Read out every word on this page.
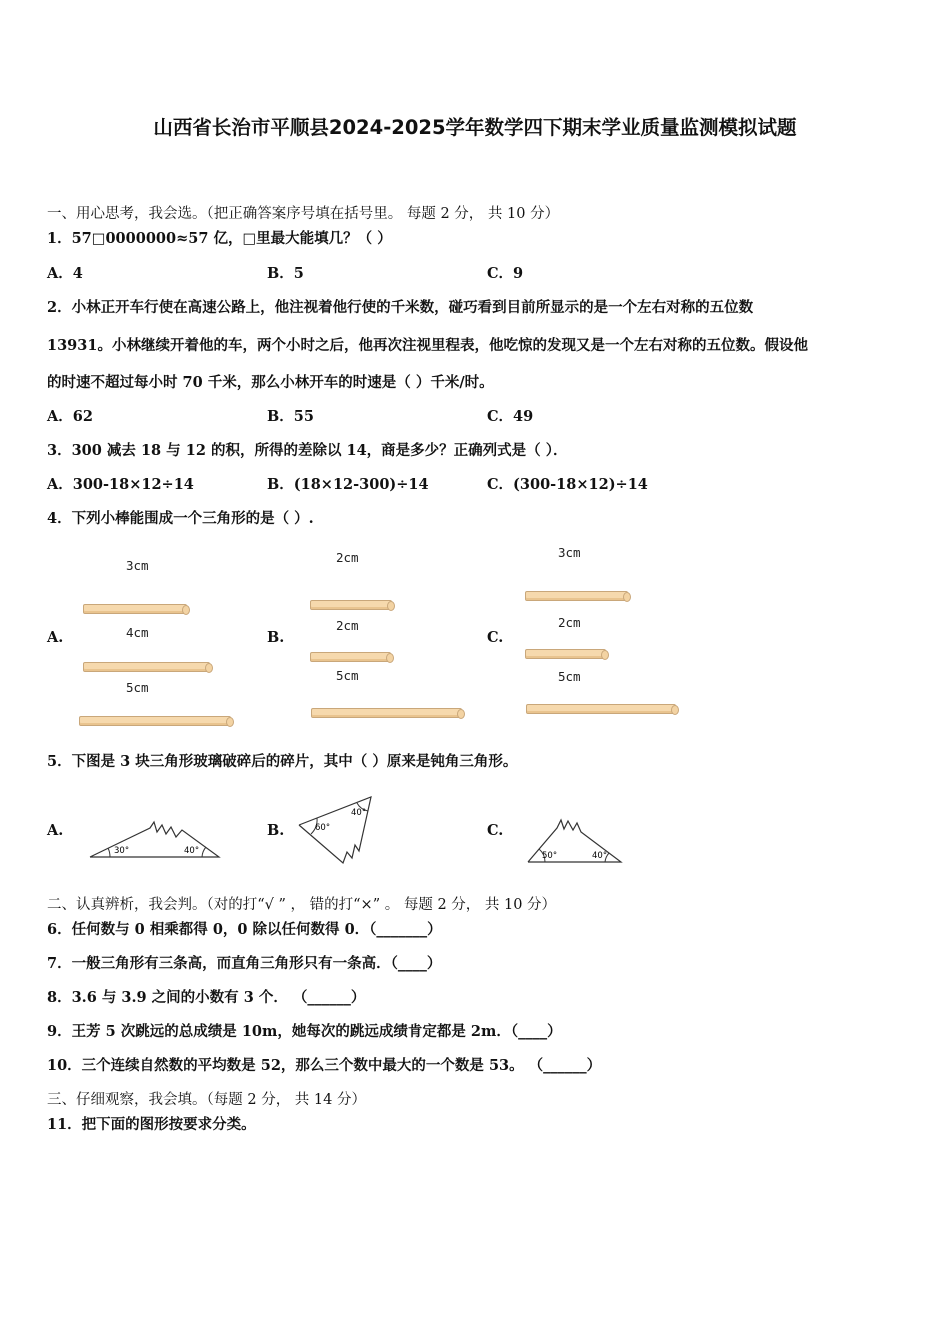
山西省长治市平顺县2024-2025学年数学四下期末学业质量监测模拟试题
一、用心思考，我会选。（把正确答案序号填在括号里。 每题 2 分， 共 10 分）
1．57□0000000≈57 亿，□里最大能填几？（ ）
A．4	B．5	C．9
2．小林正开车行使在高速公路上，他注视着他行使的千米数，碰巧看到目前所显示的是一个左右对称的五位数
13931。小林继续开着他的车，两个小时之后，他再次注视里程表，他吃惊的发现又是一个左右对称的五位数。假设他
的时速不超过每小时 70 千米，那么小林开车的时速是（ ）千米/时。
A．62	B．55	C．49
3．300 减去 18 与 12 的积，所得的差除以 14，商是多少？正确列式是（ ）．
A．300-18×12÷14	B．(18×12-300)÷14	C．(300-18×12)÷14
4．下列小棒能围成一个三角形的是（ ）.
A.
3cm
4cm
5cm
B.
2cm
2cm
5cm
C.
3cm
2cm
5cm
5．下图是 3 块三角形玻璃破碎后的碎片，其中（ ）原来是钝角三角形。
A.
30°	40°
B.	60°
40°
C.
50°	40°
二、认真辨析，我会判。（对的打“√ ” ， 错的打“×” 。 每题 2 分， 共 10 分）
6．任何数与 0 相乘都得 0，0 除以任何数得 0．（_______）
7．一般三角形有三条高，而直角三角形只有一条高．（____）
8．3.6 与 3.9 之间的小数有 3 个． （______）
9．王芳 5 次跳远的总成绩是 10m，她每次的跳远成绩肯定都是 2m．（____）
10．三个连续自然数的平均数是 52，那么三个数中最大的一个数是 53。 （______）
三、仔细观察，我会填。（每题 2 分， 共 14 分）
11．把下面的图形按要求分类。
